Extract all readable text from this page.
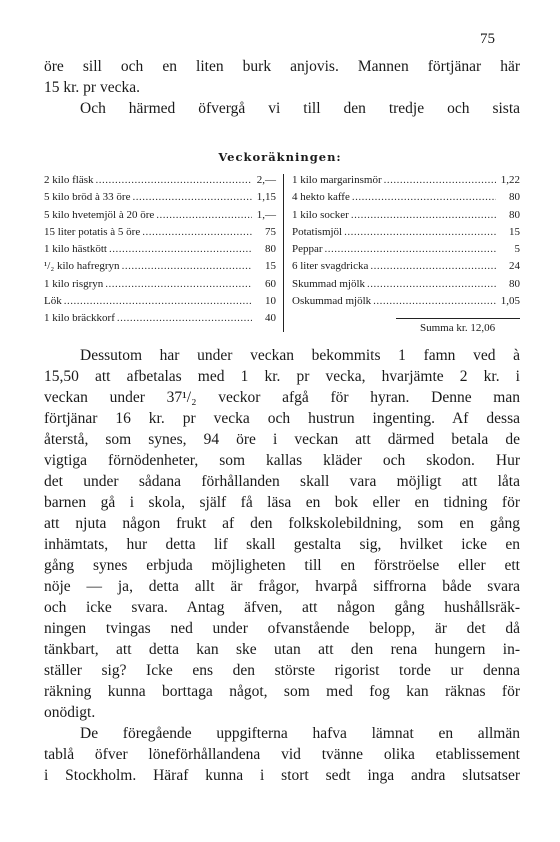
75
öre sill och en liten burk anjovis. Mannen förtjänar här
15 kr. pr vecka.
Och härmed öfvergå vi till den tredje och sista
Veckoräkningen:
2 kilo fläsk .....	2,—
5 kilo bröd à 33 öre .....	1,15
5 kilo hvetemjöl à 20 öre .....	1,—
15 liter potatis à 5 öre .....	75
1 kilo hästkött .....	80
¹/₂ kilo hafregryn .....	15
1 kilo risgryn .....	60
Lök .....	10
1 kilo bräckkorf .....	40
1 kilo margarinsmör .....	1,22
4 hekto kaffe .....	80
1 kilo socker .....	80
Potatismjöl .....	15
Peppar .....	5
6 liter svagdricka .....	24
Skummad mjölk .....	80
Oskummad mjölk .....	1,05
Summa kr. 12,06
Dessutom har under veckan bekommits 1 famn ved à
15,50 att afbetalas med 1 kr. pr vecka, hvarjämte 2 kr. i
veckan under 37¹/₂ veckor afgå för hyran. Denne man
förtjänar 16 kr. pr vecka och hustrun ingenting. Af dessa
återstå, som synes, 94 öre i veckan att därmed betala de
vigtiga förnödenheter, som kallas kläder och skodon. Hur
det under sådana förhållanden skall vara möjligt att låta
barnen gå i skola, själf få läsa en bok eller en tidning för
att njuta någon frukt af den folkskolebildning, som en gång
inhämtats, hur detta lif skall gestalta sig, hvilket icke en
gång synes erbjuda möjligheten till en förströelse eller ett
nöje — ja, detta allt är frågor, hvarpå siffrorna både svara
och icke svara. Antag äfven, att någon gång hushållsräk-
ningen tvingas ned under ofvanstående belopp, är det då
tänkbart, att detta kan ske utan att den rena hungern in-
ställer sig? Icke ens den störste rigorist torde ur denna
räkning kunna borttaga något, som med fog kan räknas för
onödigt.
De föregående uppgifterna hafva lämnat en allmän
tablå öfver löneförhållandena vid tvänne olika etablissement
i Stockholm. Häraf kunna i stort sedt inga andra slutsatser
